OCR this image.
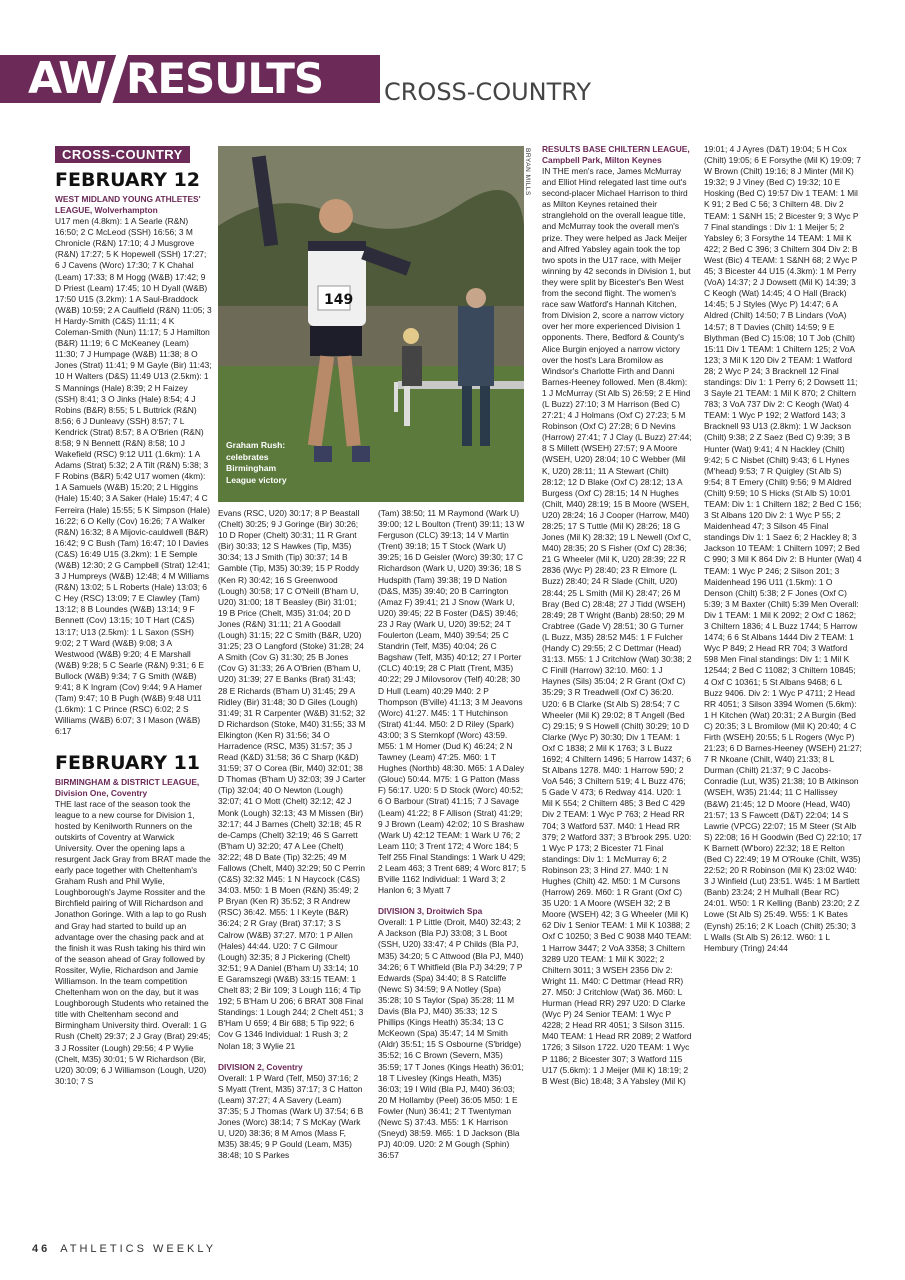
AW RESULTS	CROSS-COUNTRY
CROSS-COUNTRY
FEBRUARY 12

WEST MIDLAND YOUNG ATHLETES' LEAGUE, Wolverhampton

U17 men (4.8km): 1 A Searle (R&N) 16:50; 2 C McLeod (SSH) 16:56; 3 M Chronicle (R&N) 17:10; 4 J Musgrove (R&N) 17:27; 5 K Hopewell (SSH) 17:27; 6 J Cavens (Worc) 17:30; 7 K Chahal (Leam) 17:33; 8 M Hogg (W&B) 17:42; 9 D Priest (Leam) 17:45; 10 H Dyall (W&B) 17:50 U15 (3.2km): 1 A Saul-Braddock (W&B) 10:59; 2 A Caulfield (R&N) 11:05; 3 H Hardy-Smith (C&S) 11:11; 4 K Coleman-Smith (Nun) 11:17; 5 J Hamilton (B&R) 11:19; 6 C McKeaney (Leam) 11:30; 7 J Humpage (W&B) 11:38; 8 O Jones (Strat) 11:41; 9 M Gayle (Bir) 11:43; 10 H Walters (D&S) 11:49 U13 (2.5km): 1 S Mannings (Hale) 8:39; 2 H Faizey (SSH) 8:41; 3 O Jinks (Hale) 8:54; 4 J Robins (B&R) 8:55; 5 L Buttrick (R&N) 8:56; 6 J Dunleavy (SSH) 8:57; 7 L Kendrick (Strat) 8:57; 8 A O'Brien (R&N) 8:58; 9 N Bennett (R&N) 8:58; 10 J Wakefield (RSC) 9:12 U11 (1.6km): 1 A Adams (Strat) 5:32; 2 A Tilt (R&N) 5:38; 3 F Robins (B&R) 5:42 U17 women (4km): 1 A Samuels (W&B) 15:20; 2 L Higgins (Hale) 15:40; 3 A Saker (Hale) 15:47; 4 C Ferreira (Hale) 15:55; 5 K Simpson (Hale) 16:22; 6 O Kelly (Cov) 16:26; 7 A Walker (R&N) 16:32; 8 A Mijovic-cauldwell (B&R) 16:42; 9 C Bush (Tam) 16:47; 10 I Davies (C&S) 16:49 U15 (3.2km): 1 E Semple (W&B) 12:30; 2 G Campbell (Strat) 12:41; 3 J Humpreys (W&B) 12:48; 4 M Williams (R&N) 13:02; 5 L Roberts (Hale) 13:03; 6 C Hey (RSC) 13:09; 7 E Clawley (Tam) 13:12; 8 B Loundes (W&B) 13:14; 9 F Bennett (Cov) 13:15; 10 T Hart (C&S) 13:17; U13 (2.5km): 1 L Saxon (SSH) 9:02; 2 T Ward (W&B) 9:08; 3 A Westwood (W&B) 9:20; 4 E Marshall (W&B) 9:28; 5 C Searle (R&N) 9:31; 6 E Bullock (W&B) 9:34; 7 G Smith (W&B) 9:41; 8 K Ingram (Cov) 9:44; 9 A Hamer (Tam) 9:47; 10 B Pugh (W&B) 9:48 U11 (1.6km): 1 C Prince (RSC) 6:02; 2 S Williams (W&B) 6:07; 3 I Mason (W&B) 6:17

FEBRUARY 11

BIRMINGHAM & DISTRICT LEAGUE, Division One, Coventry

THE last race of the season took the league to a new course for Division 1, hosted by Kenilworth Runners on the outskirts of Coventry at Warwick University. Over the opening laps a resurgent Jack Gray from BRAT made the early pace together with Cheltenham's Graham Rush and Phil Wylie, Loughborough's Jayme Rossiter and the Birchfield pairing of Will Richardson and Jonathon Goringe. With a lap to go Rush and Gray had started to build up an advantage over the chasing pack and at the finish it was Rush taking his third win of the season ahead of Gray followed by Rossiter, Wylie, Richardson and Jamie Williamson. In the team competition Cheltenham won on the day, but it was Loughborough Students who retained the title with Cheltenham second and Birmingham University third. Overall: 1 G Rush (Chelt) 29:37; 2 J Gray (Brat) 29:45; 3 J Rossiter (Lough) 29:56; 4 P Wylie (Chelt, M35) 30:01; 5 W Richardson (Bir, U20) 30:09; 6 J Williamson (Lough, U20) 30:10; 7 S

149
Graham Rush: celebrates Birmingham League victory
BRYAN MILLS

Evans (RSC, U20) 30:17; 8 P Beastall (Chelt) 30:25; 9 J Goringe (Bir) 30:26; 10 D Roper (Chelt) 30:31; 11 R Grant (Bir) 30:33; 12 S Hawkes (Tip, M35) 30:34; 13 J Smith (Tip) 30:37; 14 B Gamble (Tip, M35) 30:39; 15 P Roddy (Ken R) 30:42; 16 S Greenwood (Lough) 30:58; 17 C O'Neill (B'ham U, U20) 31:00; 18 T Beasley (Bir) 31:01; 19 B Price (Chelt, M35) 31:04; 20 D Jones (R&N) 31:11; 21 A Goodall (Lough) 31:15; 22 C Smith (B&R, U20) 31:25; 23 O Langford (Stoke) 31:28; 24 A Smith (Cov G) 31:30; 25 B Jones (Cov G) 31:33; 26 A O'Brien (B'ham U, U20) 31:39; 27 E Banks (Brat) 31:43; 28 E Richards (B'ham U) 31:45; 29 A Ridley (Bir) 31:48; 30 D Giles (Lough) 31:49; 31 R Carpenter (W&B) 31:52; 32 D Richardson (Stoke, M40) 31:55; 33 M Elkington (Ken R) 31:56; 34 O Harradence (RSC, M35) 31:57; 35 J Read (K&D) 31:58; 36 C Sharp (K&D) 31:59; 37 O Corea (Bir, M40) 32:01; 38 D Thomas (B'ham U) 32:03; 39 J Carter (Tip) 32:04; 40 O Newton (Lough) 32:07; 41 O Mott (Chelt) 32:12; 42 J Monk (Lough) 32:13; 43 M Missen (Bir) 32:17; 44 J Barnes (Chelt) 32:18; 45 R de-Camps (Chelt) 32:19; 46 S Garrett (B'ham U) 32:20; 47 A Lee (Chelt) 32:22; 48 D Bate (Tip) 32:25; 49 M Fallows (Chelt, M40) 32:29; 50 C Perrin (C&S) 32:32 M45: 1 N Haycock (C&S) 34:03. M50: 1 B Moen (R&N) 35:49; 2 P Bryan (Ken R) 35:52; 3 R Andrew (RSC) 36:42. M55: 1 I Keyte (B&R) 36:24; 2 R Gray (Brat) 37:17; 3 S Calrow (W&B) 37:27. M70: 1 P Allen (Hales) 44:44. U20: 7 C Gilmour (Lough) 32:35; 8 J Pickering (Chelt) 32:51; 9 A Daniel (B'ham U) 33:14; 10 E Garamszegi (W&B) 33:15 TEAM: 1 Chelt 83; 2 Bir 109; 3 Lough 116; 4 Tip 192; 5 B'Ham U 206; 6 BRAT 308 Final Standings: 1 Lough 244; 2 Chelt 451; 3 B'Ham U 659; 4 Bir 688; 5 Tip 922; 6 Cov G 1346 Individual: 1 Rush 3; 2 Nolan 18; 3 Wylie 21

DIVISION 2, Coventry

Overall: 1 P Ward (Telf, M50) 37:16; 2 S Myatt (Trent, M35) 37:17; 3 C Hatton (Leam) 37:27; 4 A Savery (Leam) 37:35; 5 J Thomas (Wark U) 37:54; 6 B Jones (Worc) 38:14; 7 S McKay (Wark U, U20) 38:36; 8 M Amos (Mass F, M35) 38:45; 9 P Gould (Leam, M35) 38:48; 10 S Parkes

(Tam) 38:50; 11 M Raymond (Wark U) 39:00; 12 L Boulton (Trent) 39:11; 13 W Ferguson (CLC) 39:13; 14 V Martin (Trent) 39:18; 15 T Stock (Wark U) 39:25; 16 D Geisler (Worc) 39:30; 17 C Richardson (Wark U, U20) 39:36; 18 S Hudspith (Tam) 39:38; 19 D Nation (D&S, M35) 39:40; 20 B Carrington (Amaz F) 39:41; 21 J Snow (Wark U, U20) 39:45; 22 B Foster (D&S) 39:46; 23 J Ray (Wark U, U20) 39:52; 24 T Foulerton (Leam, M40) 39:54; 25 C Standrin (Telf, M35) 40:04; 26 C Bagshaw (Telf, M35) 40:12; 27 I Porter (CLC) 40:19; 28 C Platt (Trent, M35) 40:22; 29 J Milovsorov (Telf) 40:28; 30 D Hull (Leam) 40:29 M40: 2 P Thompson (B'ville) 41:13; 3 M Jeavons (Worc) 41:27. M45: 1 T Hutchinson (Strat) 41:44. M50: 2 D Riley (Spark) 43:00; 3 S Sternkopf (Worc) 43:59. M55: 1 M Homer (Dud K) 46:24; 2 N Tawney (Leam) 47:25. M60: 1 T Hughes (Northb) 48:30. M65: 1 A Daley (Glouc) 50:44. M75: 1 G Patton (Mass F) 56:17. U20: 5 D Stock (Worc) 40:52; 6 O Barbour (Strat) 41:15; 7 J Savage (Leam) 41:22; 8 F Allison (Strat) 41:29; 9 J Brown (Leam) 42:02; 10 S Brashaw (Wark U) 42:12 TEAM: 1 Wark U 76; 2 Leam 110; 3 Trent 172; 4 Worc 184; 5 Telf 255 Final Standings: 1 Wark U 429; 2 Leam 463; 3 Trent 689; 4 Worc 817; 5 B'ville 1162 Individual: 1 Ward 3; 2 Hanlon 6; 3 Myatt 7

DIVISION 3, Droitwich Spa

Overall: 1 P Little (Droit, M40) 32:43; 2 A Jackson (Bla PJ) 33:08; 3 L Boot (SSH, U20) 33:47; 4 P Childs (Bla PJ, M35) 34:20; 5 C Attwood (Bla PJ, M40) 34:26; 6 T Whitfield (Bla PJ) 34:29; 7 P Edwards (Spa) 34:40; 8 S Ratcliffe (Newc S) 34:59; 9 A Notley (Spa) 35:28; 10 S Taylor (Spa) 35:28; 11 M Davis (Bla PJ, M40) 35:33; 12 S Phillips (Kings Heath) 35:34; 13 C McKeown (Spa) 35:47; 14 M Smith (Aldr) 35:51; 15 S Osbourne (S'bridge) 35:52; 16 C Brown (Severn, M35) 35:59; 17 T Jones (Kings Heath) 36:01; 18 T Livesley (Kings Heath, M35) 36:03; 19 I Wild (Bla PJ, M40) 36:03; 20 M Hollamby (Peel) 36:05 M50: 1 E Fowler (Nun) 36:41; 2 T Twentyman (Newc S) 37:43. M55: 1 K Harrison (Sneyd) 38:59. M65: 1 D Jackson (Bla PJ) 40:09. U20: 2 M Gough (Sphin) 36:57

RESULTS BASE CHILTERN LEAGUE, Campbell Park, Milton Keynes

IN THE men's race, James McMurray and Elliot Hind relegated last time out's second-placer Michael Harrison to third as Milton Keynes retained their stranglehold on the overall league title, and McMurray took the overall men's prize. They were helped as Jack Meijer and Alfred Yabsley again took the top two spots in the U17 race, with Meijer winning by 42 seconds in Division 1, but they were split by Bicester's Ben West from the second flight. The women's race saw Watford's Hannah Kitchen, from Division 2, score a narrow victory over her more experienced Division 1 opponents. There, Bedford & County's Alice Burgin enjoyed a narrow victory over the host's Lara Bromilow as Windsor's Charlotte Firth and Danni Barnes-Heeney followed. Men (8.4km): 1 J McMurray (St Alb S) 26:59; 2 E Hind (L Buzz) 27:10; 3 M Harrison (Bed C) 27:21; 4 J Holmans (Oxf C) 27:23; 5 M Robinson (Oxf C) 27:28; 6 D Nevins (Harrow) 27:41; 7 J Clay (L Buzz) 27:44; 8 S Millett (WSEH) 27:57; 9 A Moore (WSEH, U20) 28:04; 10 C Webber (Mil K, U20) 28:11; 11 A Stewart (Chilt) 28:12; 12 D Blake (Oxf C) 28:12; 13 A Burgess (Oxf C) 28:15; 14 N Hughes (Chilt, M40) 28:19; 15 B Moore (WSEH, U20) 28:24; 16 J Cooper (Harrow, M40) 28:25; 17 S Tuttle (Mil K) 28:26; 18 G Jones (Mil K) 28:32; 19 L Newell (Oxf C, M40) 28:35; 20 S Fisher (Oxf C) 28:36; 21 G Wheeler (Mil K, U20) 28:39; 22 R 2836 (Wyc P) 28:40; 23 R Elmore (L Buzz) 28:40; 24 R Slade (Chilt, U20) 28:44; 25 L Smith (Mil K) 28:47; 26 M Bray (Bed C) 28:48; 27 J Tidd (WSEH) 28:49; 28 T Wright (Banb) 28:50; 29 M Crabtree (Gade V) 28:51; 30 G Turner (L Buzz, M35) 28:52 M45: 1 F Fulcher (Handy C) 29:55; 2 C Dettmar (Head) 31:13. M55: 1 J Critchlow (Wat) 30:38; 2 C Finill (Harrow) 32:10. M60: 1 J Haynes (Sils) 35:04; 2 R Grant (Oxf C) 35:29; 3 R Treadwell (Oxf C) 36:20. U20: 6 B Clarke (St Alb S) 28:54; 7 C Wheeler (Mil K) 29:02; 8 T Angell (Bed C) 29:15; 9 S Howell (Chilt) 30:29; 10 D Clarke (Wyc P) 30:30; Div 1 TEAM: 1 Oxf C 1838; 2 Mil K 1763; 3 L Buzz 1692; 4 Chiltern 1496; 5 Harrow 1437; 6 St Albans 1278. M40: 1 Harrow 590; 2 VoA 546; 3 Chiltern 519; 4 L Buzz 476; 5 Gade V 473; 6 Redway 414. U20: 1 Mil K 554; 2 Chiltern 485; 3 Bed C 429 Div 2 TEAM: 1 Wyc P 763; 2 Head RR 704; 3 Watford 537. M40: 1 Head RR 379; 2 Watford 337; 3 B'brook 295. U20: 1 Wyc P 173; 2 Bicester 71 Final standings: Div 1: 1 McMurray 6; 2 Robinson 23; 3 Hind 27. M40: 1 N Hughes (Chilt) 42. M50: 1 M Cursons (Harrow) 269. M60: 1 R Grant (Oxf C) 35 U20: 1 A Moore (WSEH 32; 2 B Moore (WSEH) 42; 3 G Wheeler (Mil K) 62 Div 1 Senior TEAM: 1 Mil K 10388; 2 Oxf C 10250; 3 Bed C 9038 M40 TEAM: 1 Harrow 3447; 2 VoA 3358; 3 Chiltern 3289 U20 TEAM: 1 Mil K 3022; 2 Chiltern 3011; 3 WSEH 2356 Div 2: Wright 11. M40: C Dettmar (Head RR) 27. M50: J Critchlow (Wat) 36. M60: L Hurman (Head RR) 297 U20: D Clarke (Wyc P) 24 Senior TEAM: 1 Wyc P 4228; 2 Head RR 4051; 3 Silson 3115. M40 TEAM: 1 Head RR 2089; 2 Watford 1726; 3 Silson 1722. U20 TEAM: 1 Wyc P 1186; 2 Bicester 307; 3 Watford 115 U17 (5.6km): 1 J Meijer (Mil K) 18:19; 2 B West (Bic) 18:48; 3 A Yabsley (Mil K)

19:01; 4 J Ayres (D&T) 19:04; 5 H Cox (Chilt) 19:05; 6 E Forsythe (Mil K) 19:09; 7 W Brown (Chilt) 19:16; 8 J Minter (Mil K) 19:32; 9 J Viney (Bed C) 19:32; 10 E Hosking (Bed C) 19:57 Div 1 TEAM: 1 Mil K 91; 2 Bed C 56; 3 Chiltern 48. Div 2 TEAM: 1 S&NH 15; 2 Bicester 9; 3 Wyc P 7 Final standings : Div 1: 1 Meijer 5; 2 Yabsley 6; 3 Forsythe 14 TEAM: 1 Mil K 422; 2 Bed C 396; 3 Chiltern 304 Div 2: B West (Bic) 4 TEAM: 1 S&NH 68; 2 Wyc P 45; 3 Bicester 44 U15 (4.3km): 1 M Perry (VoA) 14:37; 2 J Dowsett (Mil K) 14:39; 3 C Keogh (Wat) 14:45; 4 O Hall (Brack) 14:45; 5 J Styles (Wyc P) 14:47; 6 A Aldred (Chilt) 14:50; 7 B Lindars (VoA) 14:57; 8 T Davies (Chilt) 14:59; 9 E Blythman (Bed C) 15:08; 10 T Job (Chilt) 15:11 Div 1 TEAM: 1 Chiltern 125; 2 VoA 123; 3 Mil K 120 Div 2 TEAM: 1 Watford 28; 2 Wyc P 24; 3 Bracknell 12 Final standings: Div 1: 1 Perry 6; 2 Dowsett 11; 3 Sayle 21 TEAM: 1 Mil K 870; 2 Chiltern 783; 3 VoA 737 Div 2: C Keogh (Wat) 4 TEAM: 1 Wyc P 192; 2 Watford 143; 3 Bracknell 93 U13 (2.8km): 1 W Jackson (Chilt) 9:38; 2 Z Saez (Bed C) 9:39; 3 B Hunter (Wat) 9:41; 4 N Hackley (Chilt) 9:42; 5 C Nisbet (Chilt) 9:43; 6 L Hynes (M'head) 9:53; 7 R Quigley (St Alb S) 9:54; 8 T Emery (Chilt) 9:56; 9 M Aldred (Chilt) 9:59; 10 S Hicks (St Alb S) 10:01 TEAM: Div 1: 1 Chiltern 182; 2 Bed C 156; 3 St Albans 120 Div 2: 1 Wyc P 55; 2 Maidenhead 47; 3 Silson 45 Final standings Div 1: 1 Saez 6; 2 Hackley 8; 3 Jackson 10 TEAM: 1 Chiltern 1097; 2 Bed C 990; 3 Mil K 864 Div 2: B Hunter (Wat) 4 TEAM: 1 Wyc P 246; 2 Silson 201; 3 Maidenhead 196 U11 (1.5km): 1 O Denson (Chilt) 5:38; 2 F Jones (Oxf C) 5:39; 3 M Baxter (Chilt) 5:39 Men Overall: Div 1 TEAM: 1 Mil K 2092; 2 Oxf C 1862; 3 Chiltern 1836; 4 L Buzz 1744; 5 Harrow 1474; 6 6 St Albans 1444 Div 2 TEAM: 1 Wyc P 849; 2 Head RR 704; 3 Watford 598 Men Final standings: Div 1: 1 Mil K 12544; 2 Bed C 11082; 3 Chiltern 10845; 4 Oxf C 10361; 5 St Albans 9468; 6 L Buzz 9406. Div 2: 1 Wyc P 4711; 2 Head RR 4051; 3 Silson 3394 Women (5.6km): 1 H Kitchen (Wat) 20:31; 2 A Burgin (Bed C) 20:35; 3 L Bromilow (Mil K) 20:40; 4 C Firth (WSEH) 20:55; 5 L Rogers (Wyc P) 21:23; 6 D Barnes-Heeney (WSEH) 21:27; 7 R Nkoane (Chilt, W40) 21:33; 8 L Durman (Chilt) 21:37; 9 C Jacobs-Conradie (Lut, W35) 21:38; 10 B Atkinson (WSEH, W35) 21:44; 11 C Hallissey (B&W) 21:45; 12 D Moore (Head, W40) 21:57; 13 S Fawcett (D&T) 22:04; 14 S Lawrie (VPCG) 22:07; 15 M Steer (St Alb S) 22:08; 16 H Goodwin (Bed C) 22:10; 17 K Barnett (W'boro) 22:32; 18 E Relton (Bed C) 22:49; 19 M O'Rouke (Chilt, W35) 22:52; 20 R Robinson (Mil K) 23:02 W40: 3 J Winfield (Lut) 23:51. W45: 1 M Bartlett (Banb) 23:24; 2 H Mulhall (Bear RC) 24:01. W50: 1 R Kelling (Banb) 23:20; 2 Z Lowe (St Alb S) 25:49. W55: 1 K Bates (Eynsh) 25:16; 2 K Loach (Chilt) 25:30; 3 L Walls (St Alb S) 26:12. W60: 1 L Hembury (Tring) 24:44

46 ATHLETICS WEEKLY
